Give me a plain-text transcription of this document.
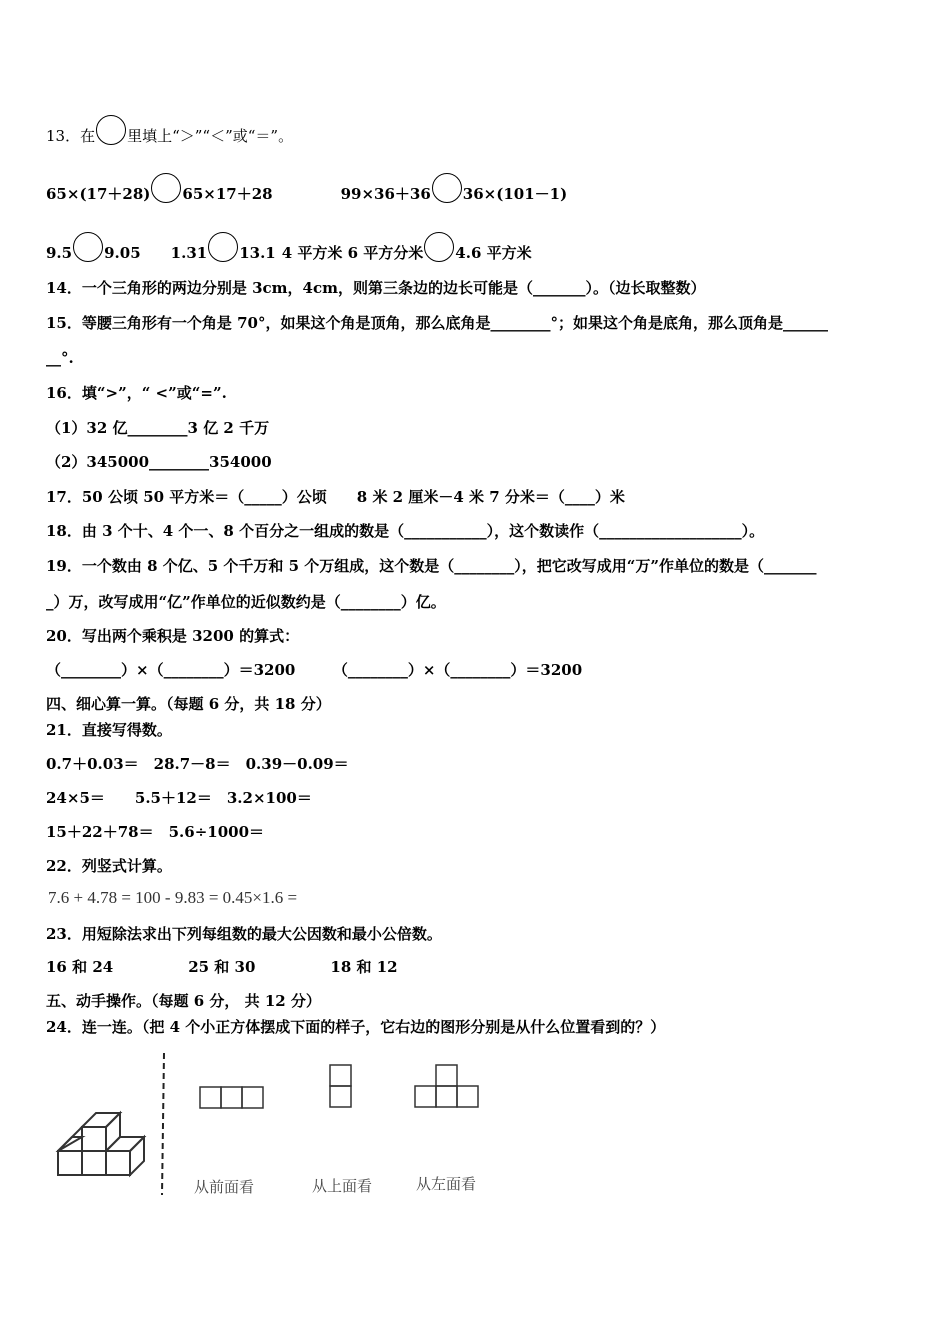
13．在 里填上“＞”“＜”或“＝”。
65×(17＋28) 65×17＋28	99×36＋36 36×(101－1)
9.5 9.05 1.31 13.1 4 平方米 6 平方分米 4.6 平方米
14．一个三角形的两边分别是 3cm，4cm，则第三条边的边长可能是（_______）。（边长取整数）
15．等腰三角形有一个角是 70°，如果这个角是顶角，那么底角是________°；如果这个角是底角，那么顶角是______
__°.
16．填“>”，“ <”或“=”.
（1）32 亿________3 亿 2 千万
（2）345000________354000
17．50 公顷 50 平方米＝（_____）公顷　　8 米 2 厘米－4 米 7 分米＝（____）米
18．由 3 个十、4 个一、8 个百分之一组成的数是（___________），这个数读作（___________________）。
19．一个数由 8 个亿、5 个千万和 5 个万组成，这个数是（________），把它改写成用“万”作单位的数是（_______
_）万，改写成用“亿”作单位的近似数约是（________）亿。
20．写出两个乘积是 3200 的算式：
（________）×（________）＝3200　　　（________）×（________）＝3200
四、细心算一算。（每题 6 分，共 18 分）
21．直接写得数。
0.7＋0.03＝　28.7－8＝　0.39－0.09＝
24×5＝　　5.5＋12＝　3.2×100＝
15＋22＋78＝　5.6÷1000＝
22．列竖式计算。
7.6 + 4.78 = 100 - 9.83 = 0.45×1.6 =
23．用短除法求出下列每组数的最大公因数和最小公倍数。
16 和 24　　　　　25 和 30　　　　　18 和 12
五、动手操作。（每题 6 分， 共 12 分）
24．连一连。（把 4 个小正方体摆成下面的样子，它右边的图形分别是从什么位置看到的？）
从前面看	从上面看	从左面看
